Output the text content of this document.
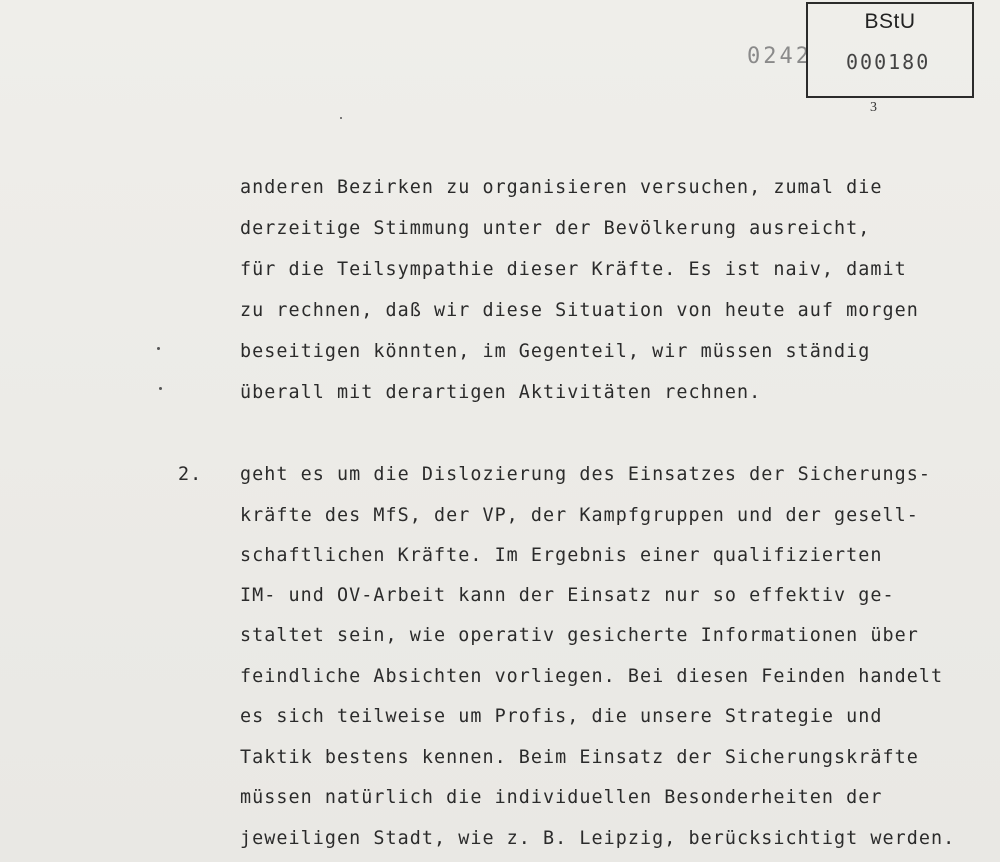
0242
BStU
000180
3
anderen Bezirken zu organisieren versuchen, zumal die
derzeitige Stimmung unter der Bevölkerung ausreicht,
für die Teilsympathie dieser Kräfte. Es ist naiv, damit
zu rechnen, daß wir diese Situation von heute auf morgen
beseitigen könnten, im Gegenteil, wir müssen ständig
überall mit derartigen Aktivitäten rechnen.
2. geht es um die Dislozierung des Einsatzes der Sicherungs-
kräfte des MfS, der VP, der Kampfgruppen und der gesell-
schaftlichen Kräfte. Im Ergebnis einer qualifizierten
IM- und OV-Arbeit kann der Einsatz nur so effektiv ge-
staltet sein, wie operativ gesicherte Informationen über
feindliche Absichten vorliegen. Bei diesen Feinden handelt
es sich teilweise um Profis, die unsere Strategie und
Taktik bestens kennen. Beim Einsatz der Sicherungskräfte
müssen natürlich die individuellen Besonderheiten der
jeweiligen Stadt, wie z. B. Leipzig, berücksichtigt werden.
